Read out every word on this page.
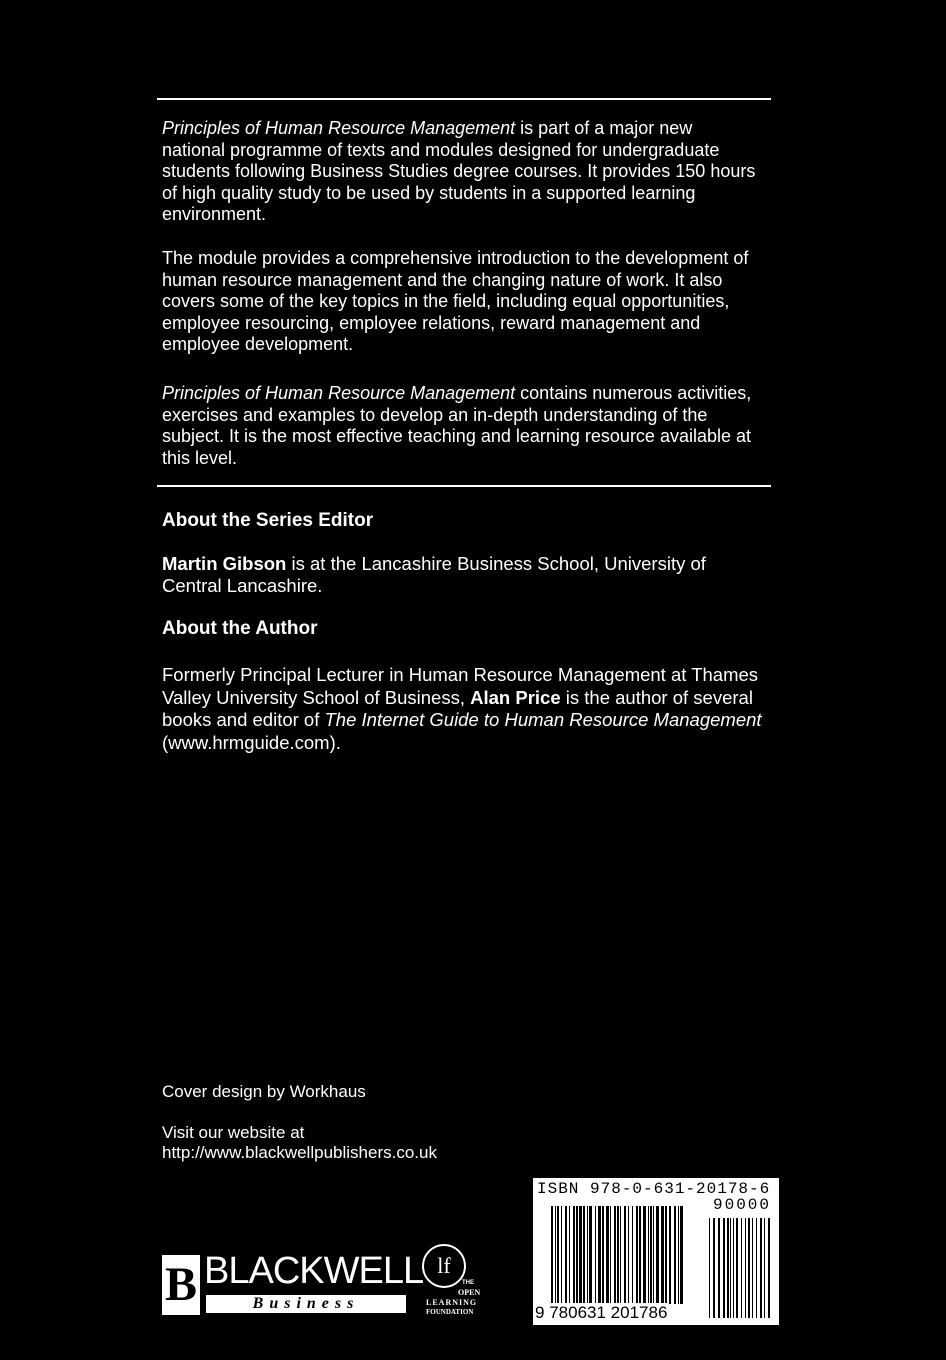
Principles of Human Resource Management is part of a major new
national programme of texts and modules designed for undergraduate
students following Business Studies degree courses. It provides 150 hours
of high quality study to be used by students in a supported learning
environment.
The module provides a comprehensive introduction to the development of
human resource management and the changing nature of work. It also
covers some of the key topics in the field, including equal opportunities,
employee resourcing, employee relations, reward management and
employee development.
Principles of Human Resource Management contains numerous activities,
exercises and examples to develop an in-depth understanding of the
subject. It is the most effective teaching and learning resource available at
this level.
About the Series Editor
Martin Gibson is at the Lancashire Business School, University of
Central Lancashire.
About the Author
Formerly Principal Lecturer in Human Resource Management at Thames
Valley University School of Business, Alan Price is the author of several
books and editor of The Internet Guide to Human Resource Management
(www.hrmguide.com).
Cover design by Workhaus
Visit our website at
http://www.blackwellpublishers.co.uk
B BLACKWELL
Business
lf
THE
OPEN
LEARNING
FOUNDATION
ISBN 978-0-631-20178-6
90000
9 780631 201786
